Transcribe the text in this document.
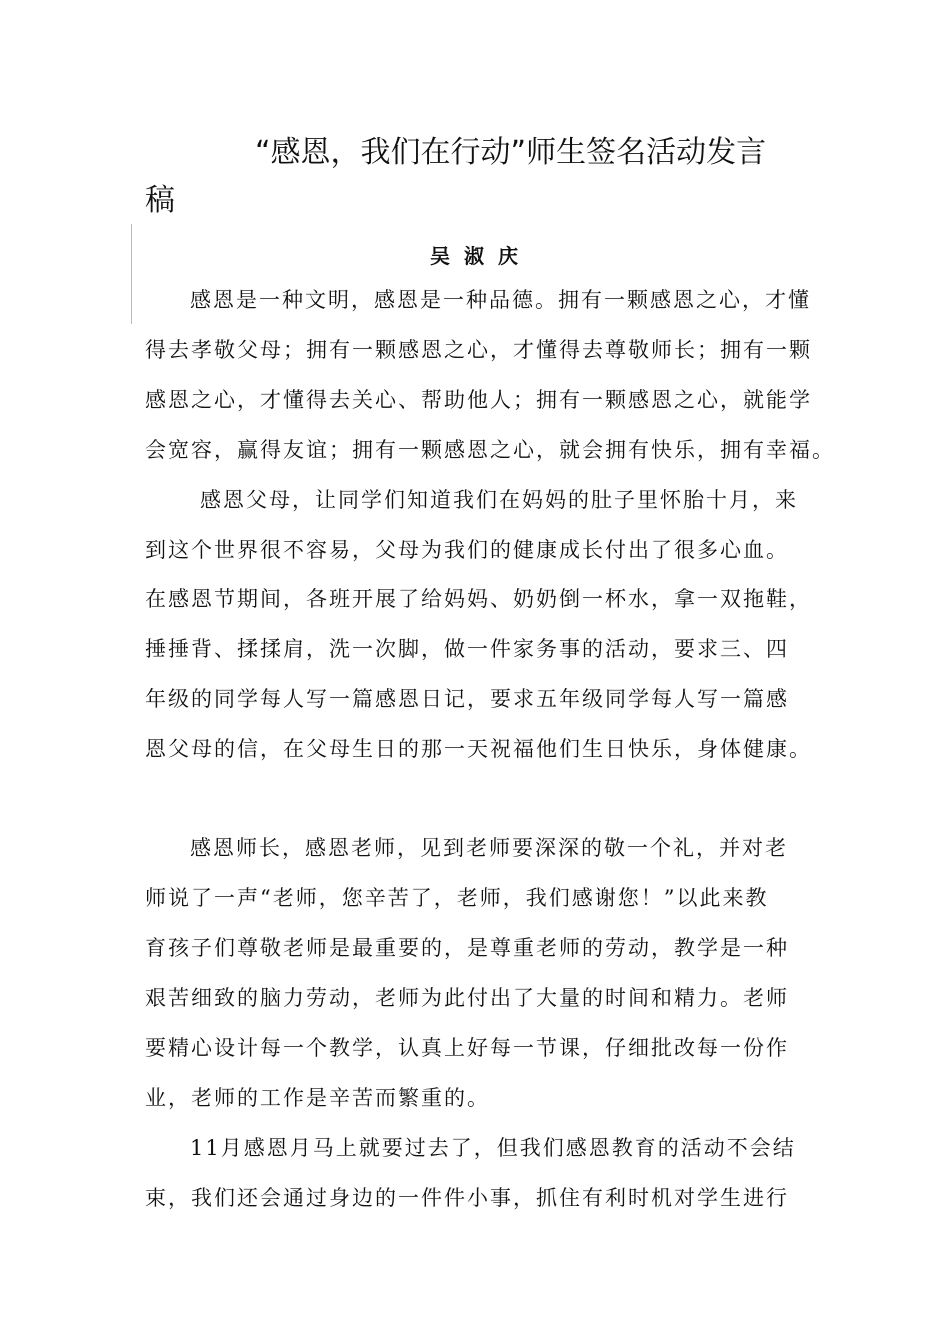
“感恩，我们在行动”师生签名活动发言
稿
吴淑庆
感恩是一种文明，感恩是一种品德。拥有一颗感恩之心，才懂
得去孝敬父母；拥有一颗感恩之心，才懂得去尊敬师长；拥有一颗
感恩之心，才懂得去关心、帮助他人；拥有一颗感恩之心，就能学
会宽容，赢得友谊；拥有一颗感恩之心，就会拥有快乐，拥有幸福。
感恩父母，让同学们知道我们在妈妈的肚子里怀胎十月，来
到这个世界很不容易，父母为我们的健康成长付出了很多心血。
在感恩节期间，各班开展了给妈妈、奶奶倒一杯水，拿一双拖鞋，
捶捶背、揉揉肩，洗一次脚，做一件家务事的活动，要求三、四
年级的同学每人写一篇感恩日记，要求五年级同学每人写一篇感
恩父母的信，在父母生日的那一天祝福他们生日快乐，身体健康。
感恩师长，感恩老师，见到老师要深深的敬一个礼，并对老
师说了一声“老师，您辛苦了，老师，我们感谢您！”以此来教
育孩子们尊敬老师是最重要的，是尊重老师的劳动，教学是一种
艰苦细致的脑力劳动，老师为此付出了大量的时间和精力。老师
要精心设计每一个教学，认真上好每一节课，仔细批改每一份作
业，老师的工作是辛苦而繁重的。
11月感恩月马上就要过去了，但我们感恩教育的活动不会结
束，我们还会通过身边的一件件小事，抓住有利时机对学生进行
